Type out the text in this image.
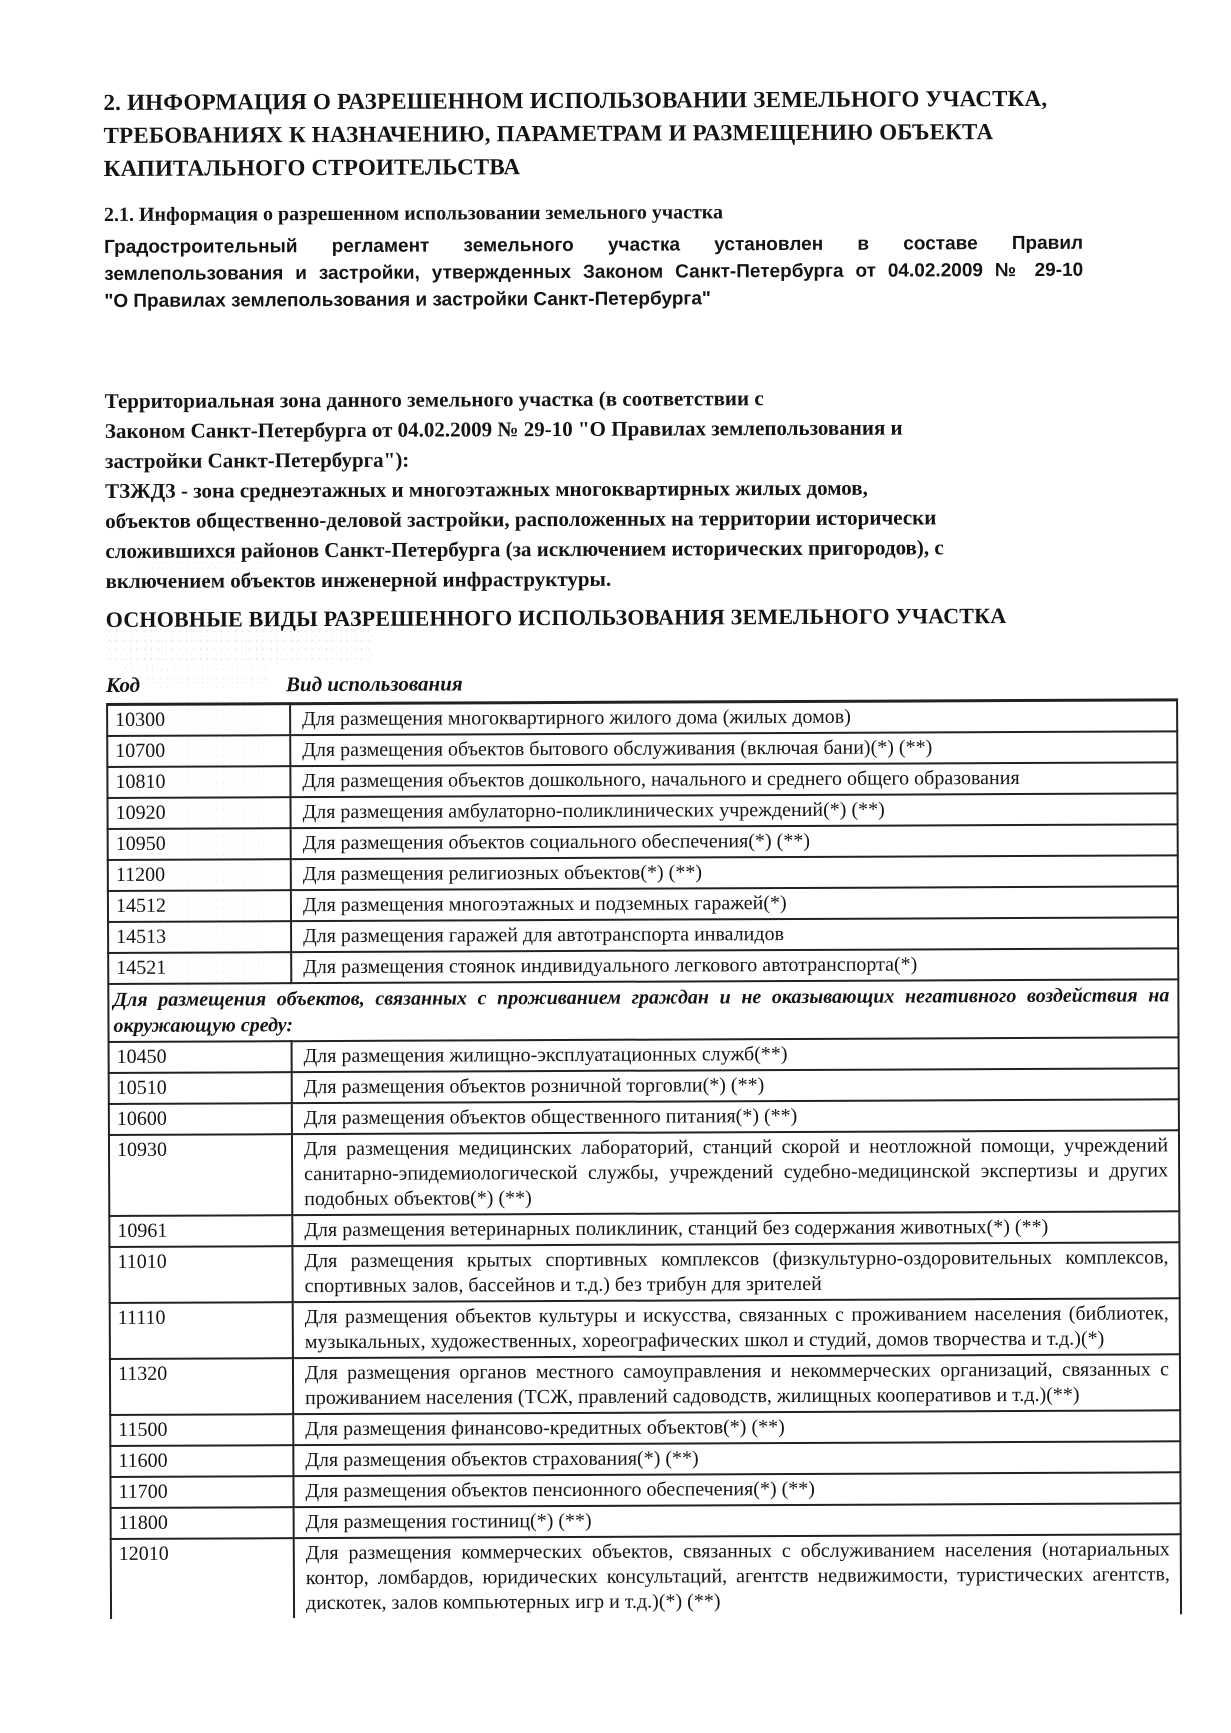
2. ИНФОРМАЦИЯ О РАЗРЕШЕННОМ ИСПОЛЬЗОВАНИИ ЗЕМЕЛЬНОГО УЧАСТКА,
ТРЕБОВАНИЯХ К НАЗНАЧЕНИЮ, ПАРАМЕТРАМ И РАЗМЕЩЕНИЮ ОБЪЕКТА
КАПИТАЛЬНОГО СТРОИТЕЛЬСТВА
2.1. Информация о разрешенном использовании земельного участка
Градостроительный регламент земельного участка установлен в составе Правил
землепользования и застройки, утвержденных Законом Санкт-Петербурга от 04.02.2009 № 29-10
"О Правилах землепользования и застройки Санкт-Петербурга"
Территориальная зона данного земельного участка (в соответствии с
Законом Санкт-Петербурга от 04.02.2009 № 29-10 "О Правилах землепользования и
застройки Санкт-Петербурга"):
ТЗЖД3 - зона среднеэтажных и многоэтажных многоквартирных жилых домов,
объектов общественно-деловой застройки, расположенных на территории исторически
сложившихся районов Санкт-Петербурга (за исключением исторических пригородов), с
включением объектов инженерной инфраструктуры.
ОСНОВНЫЕ ВИДЫ РАЗРЕШЕННОГО ИСПОЛЬЗОВАНИЯ ЗЕМЕЛЬНОГО УЧАСТКА
Код	Вид использования
10300	Для размещения многоквартирного жилого дома (жилых домов)
10700	Для размещения объектов бытового обслуживания (включая бани)(*) (**)
10810	Для размещения объектов дошкольного, начального и среднего общего образования
10920	Для размещения амбулаторно-поликлинических учреждений(*) (**)
10950	Для размещения объектов социального обеспечения(*) (**)
11200	Для размещения религиозных объектов(*) (**)
14512	Для размещения многоэтажных и подземных гаражей(*)
14513	Для размещения гаражей для автотранспорта инвалидов
14521	Для размещения стоянок индивидуального легкового автотранспорта(*)
Для размещения объектов, связанных с проживанием граждан и не оказывающих негативного воздействия на окружающую среду:	
10450	Для размещения жилищно-эксплуатационных служб(**)
10510	Для размещения объектов розничной торговли(*) (**)
10600	Для размещения объектов общественного питания(*) (**)
10930	Для размещения медицинских лабораторий, станций скорой и неотложной помощи, учреждений санитарно-эпидемиологической службы, учреждений судебно-медицинской экспертизы и других подобных объектов(*) (**)
10961	Для размещения ветеринарных поликлиник, станций без содержания животных(*) (**)
11010	Для размещения крытых спортивных комплексов (физкультурно-оздоровительных комплексов, спортивных залов, бассейнов и т.д.) без трибун для зрителей
11110	Для размещения объектов культуры и искусства, связанных с проживанием населения (библиотек, музыкальных, художественных, хореографических школ и студий, домов творчества и т.д.)(*)
11320	Для размещения органов местного самоуправления и некоммерческих организаций, связанных с проживанием населения (ТСЖ, правлений садоводств, жилищных кооперативов и т.д.)(**)
11500	Для размещения финансово-кредитных объектов(*) (**)
11600	Для размещения объектов страхования(*) (**)
11700	Для размещения объектов пенсионного обеспечения(*) (**)
11800	Для размещения гостиниц(*) (**)
12010	Для размещения коммерческих объектов, связанных с обслуживанием населения (нотариальных контор, ломбардов, юридических консультаций, агентств недвижимости, туристических агентств, дискотек, залов компьютерных игр и т.д.)(*) (**)
